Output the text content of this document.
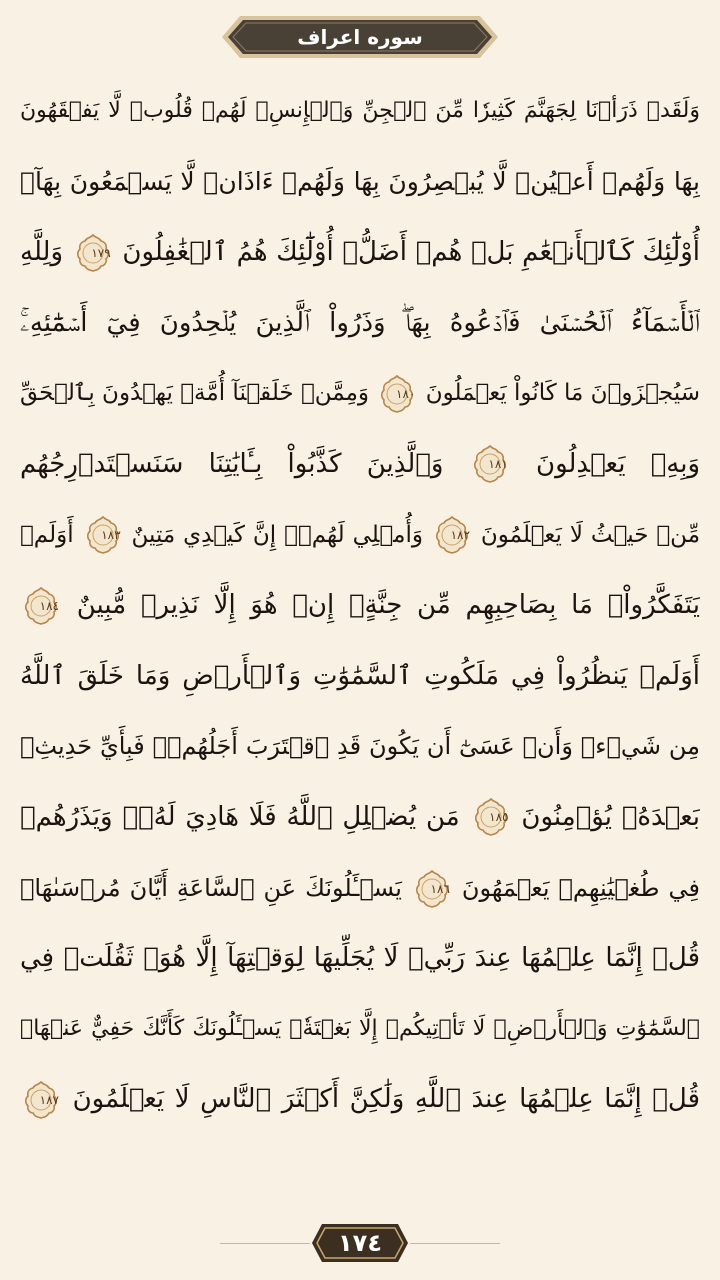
سوره اعراف
وَلَقَدۡ ذَرَأۡنَا لِجَهَنَّمَ كَثِيرٗا مِّنَ ٱلۡجِنِّ وَٱلۡإِنسِۖ لَهُمۡ قُلُوبٞ لَّا يَفۡقَهُونَ
بِهَا وَلَهُمۡ أَعۡيُنٞ لَّا يُبۡصِرُونَ بِهَا وَلَهُمۡ ءَاذَانٞ لَّا يَسۡمَعُونَ بِهَآۚ
أُوْلَٰٓئِكَ كَٱلۡأَنۡعَٰمِ بَلۡ هُمۡ أَضَلُّۚ أُوْلَٰٓئِكَ هُمُ ٱلۡغَٰفِلُونَ
١٧٩
وَلِلَّهِ
ٱلۡأَسۡمَآءُ ٱلۡحُسۡنَىٰ فَٱدۡعُوهُ بِهَاۖ وَذَرُواْ ٱلَّذِينَ يُلۡحِدُونَ فِيٓ أَسۡمَٰٓئِهِۦۚ
سَيُجۡزَوۡنَ مَا كَانُواْ يَعۡمَلُونَ
١٨٠
وَمِمَّنۡ خَلَقۡنَآ أُمَّةٞ يَهۡدُونَ بِٱلۡحَقِّ
وَبِهِۦ يَعۡدِلُونَ
١٨١
وَٱلَّذِينَ كَذَّبُواْ بِـَٔايَٰتِنَا سَنَسۡتَدۡرِجُهُم
مِّنۡ حَيۡثُ لَا يَعۡلَمُونَ
١٨٢
وَأُمۡلِي لَهُمۡۚ إِنَّ كَيۡدِي مَتِينٌ
١٨٣
أَوَلَمۡ
يَتَفَكَّرُواْۗ مَا بِصَاحِبِهِم مِّن جِنَّةٍۚ إِنۡ هُوَ إِلَّا نَذِيرٞ مُّبِينٌ
١٨٤
أَوَلَمۡ يَنظُرُواْ فِي مَلَكُوتِ ٱلسَّمَٰوَٰتِ وَٱلۡأَرۡضِ وَمَا خَلَقَ ٱللَّهُ
مِن شَيۡءٖ وَأَنۡ عَسَىٰٓ أَن يَكُونَ قَدِ ٱقۡتَرَبَ أَجَلُهُمۡۖ فَبِأَيِّ حَدِيثِۭ
بَعۡدَهُۥ يُؤۡمِنُونَ
١٨٥
مَن يُضۡلِلِ ٱللَّهُ فَلَا هَادِيَ لَهُۥۚ وَيَذَرُهُمۡ
فِي طُغۡيَٰنِهِمۡ يَعۡمَهُونَ
١٨٦
يَسۡـَٔلُونَكَ عَنِ ٱلسَّاعَةِ أَيَّانَ مُرۡسَىٰهَاۖ
قُلۡ إِنَّمَا عِلۡمُهَا عِندَ رَبِّيۖ لَا يُجَلِّيهَا لِوَقۡتِهَآ إِلَّا هُوَۚ ثَقُلَتۡ فِي
ٱلسَّمَٰوَٰتِ وَٱلۡأَرۡضِۚ لَا تَأۡتِيكُمۡ إِلَّا بَغۡتَةٗۗ يَسۡـَٔلُونَكَ كَأَنَّكَ حَفِيٌّ عَنۡهَاۖ
قُلۡ إِنَّمَا عِلۡمُهَا عِندَ ٱللَّهِ وَلَٰكِنَّ أَكۡثَرَ ٱلنَّاسِ لَا يَعۡلَمُونَ
١٨٧
١٧٤
